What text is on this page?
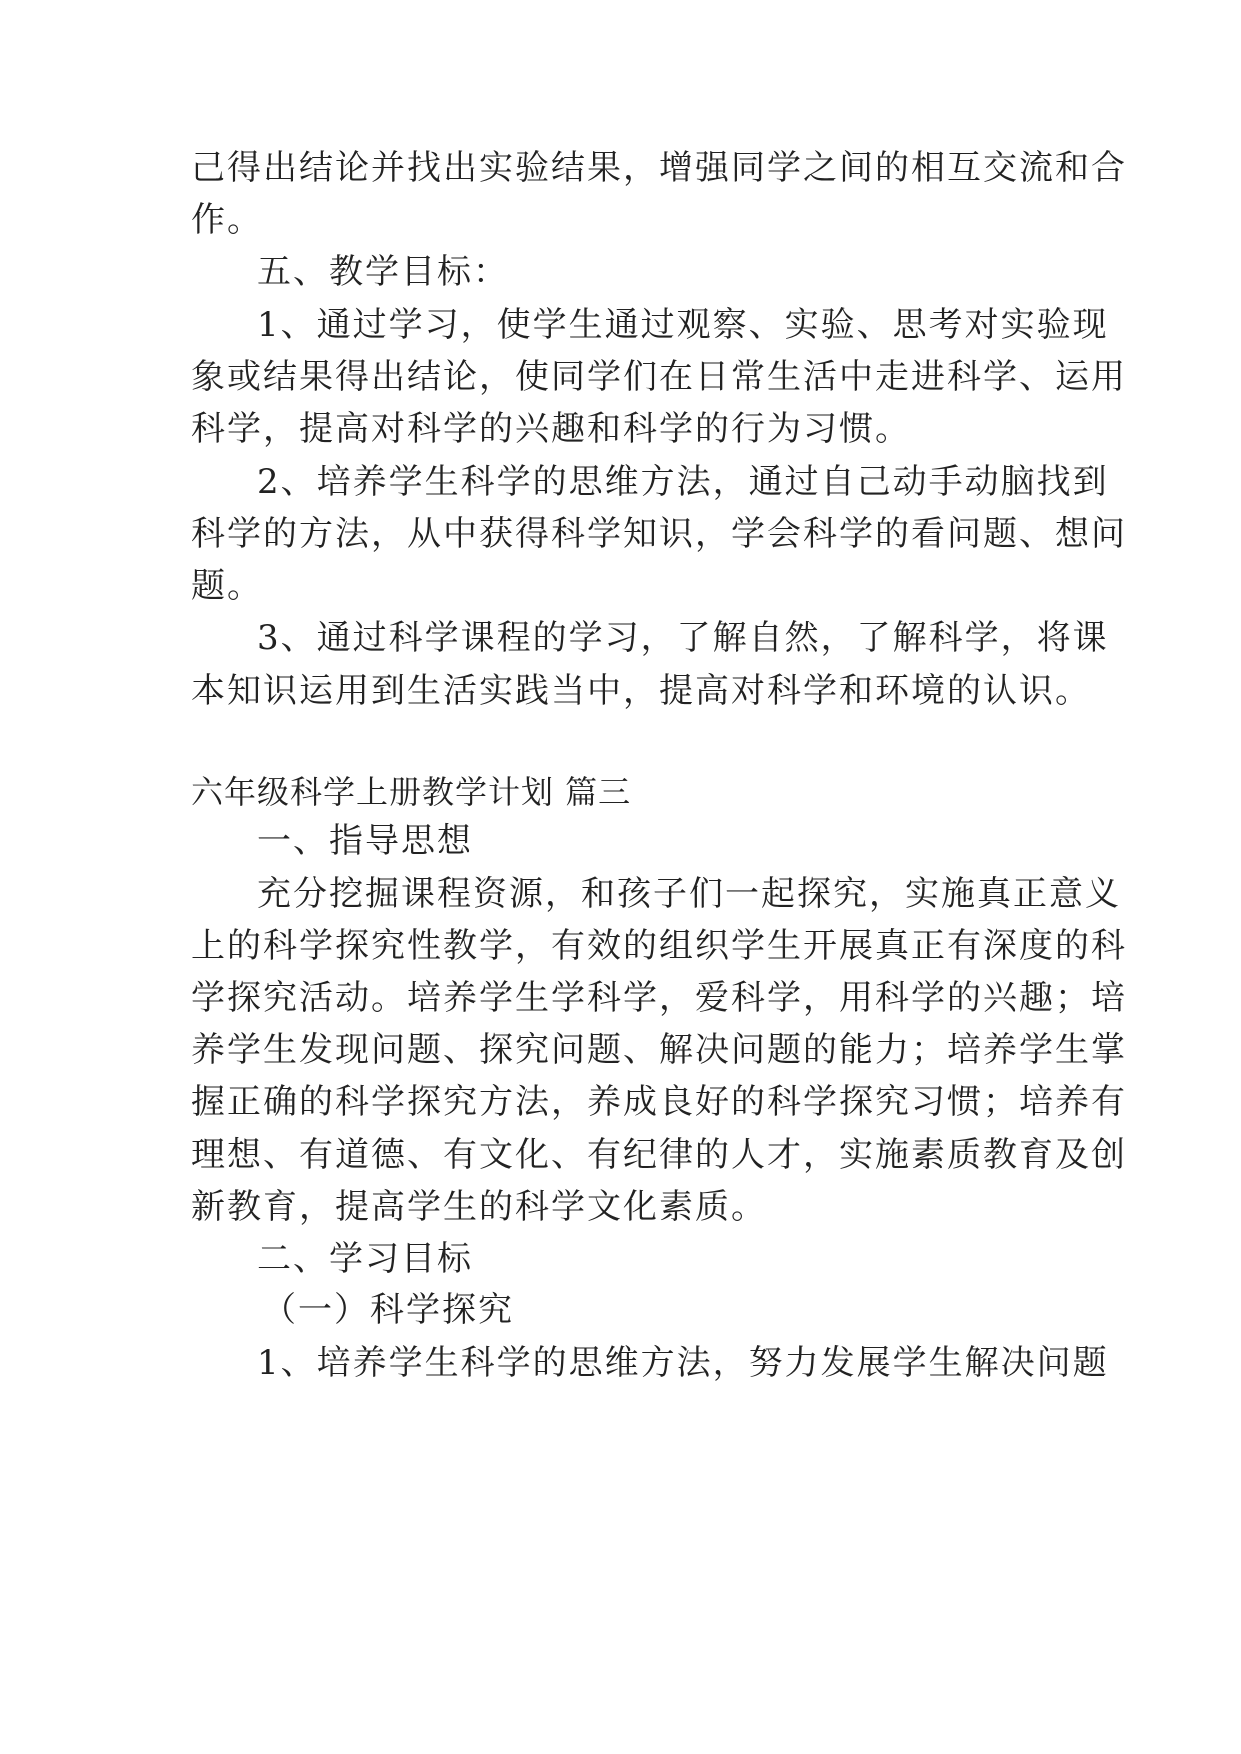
己得出结论并找出实验结果，增强同学之间的相互交流和合
作。
五、教学目标：
1、通过学习，使学生通过观察、实验、思考对实验现
象或结果得出结论，使同学们在日常生活中走进科学、运用
科学，提高对科学的兴趣和科学的行为习惯。
2、培养学生科学的思维方法，通过自己动手动脑找到
科学的方法，从中获得科学知识，学会科学的看问题、想问
题。
3、通过科学课程的学习，了解自然，了解科学，将课
本知识运用到生活实践当中，提高对科学和环境的认识。
六年级科学上册教学计划 篇三
一、指导思想
充分挖掘课程资源，和孩子们一起探究，实施真正意义
上的科学探究性教学，有效的组织学生开展真正有深度的科
学探究活动。培养学生学科学，爱科学，用科学的兴趣；培
养学生发现问题、探究问题、解决问题的能力；培养学生掌
握正确的科学探究方法，养成良好的科学探究习惯；培养有
理想、有道德、有文化、有纪律的人才，实施素质教育及创
新教育，提高学生的科学文化素质。
二、学习目标
（一）科学探究
1、培养学生科学的思维方法，努力发展学生解决问题
